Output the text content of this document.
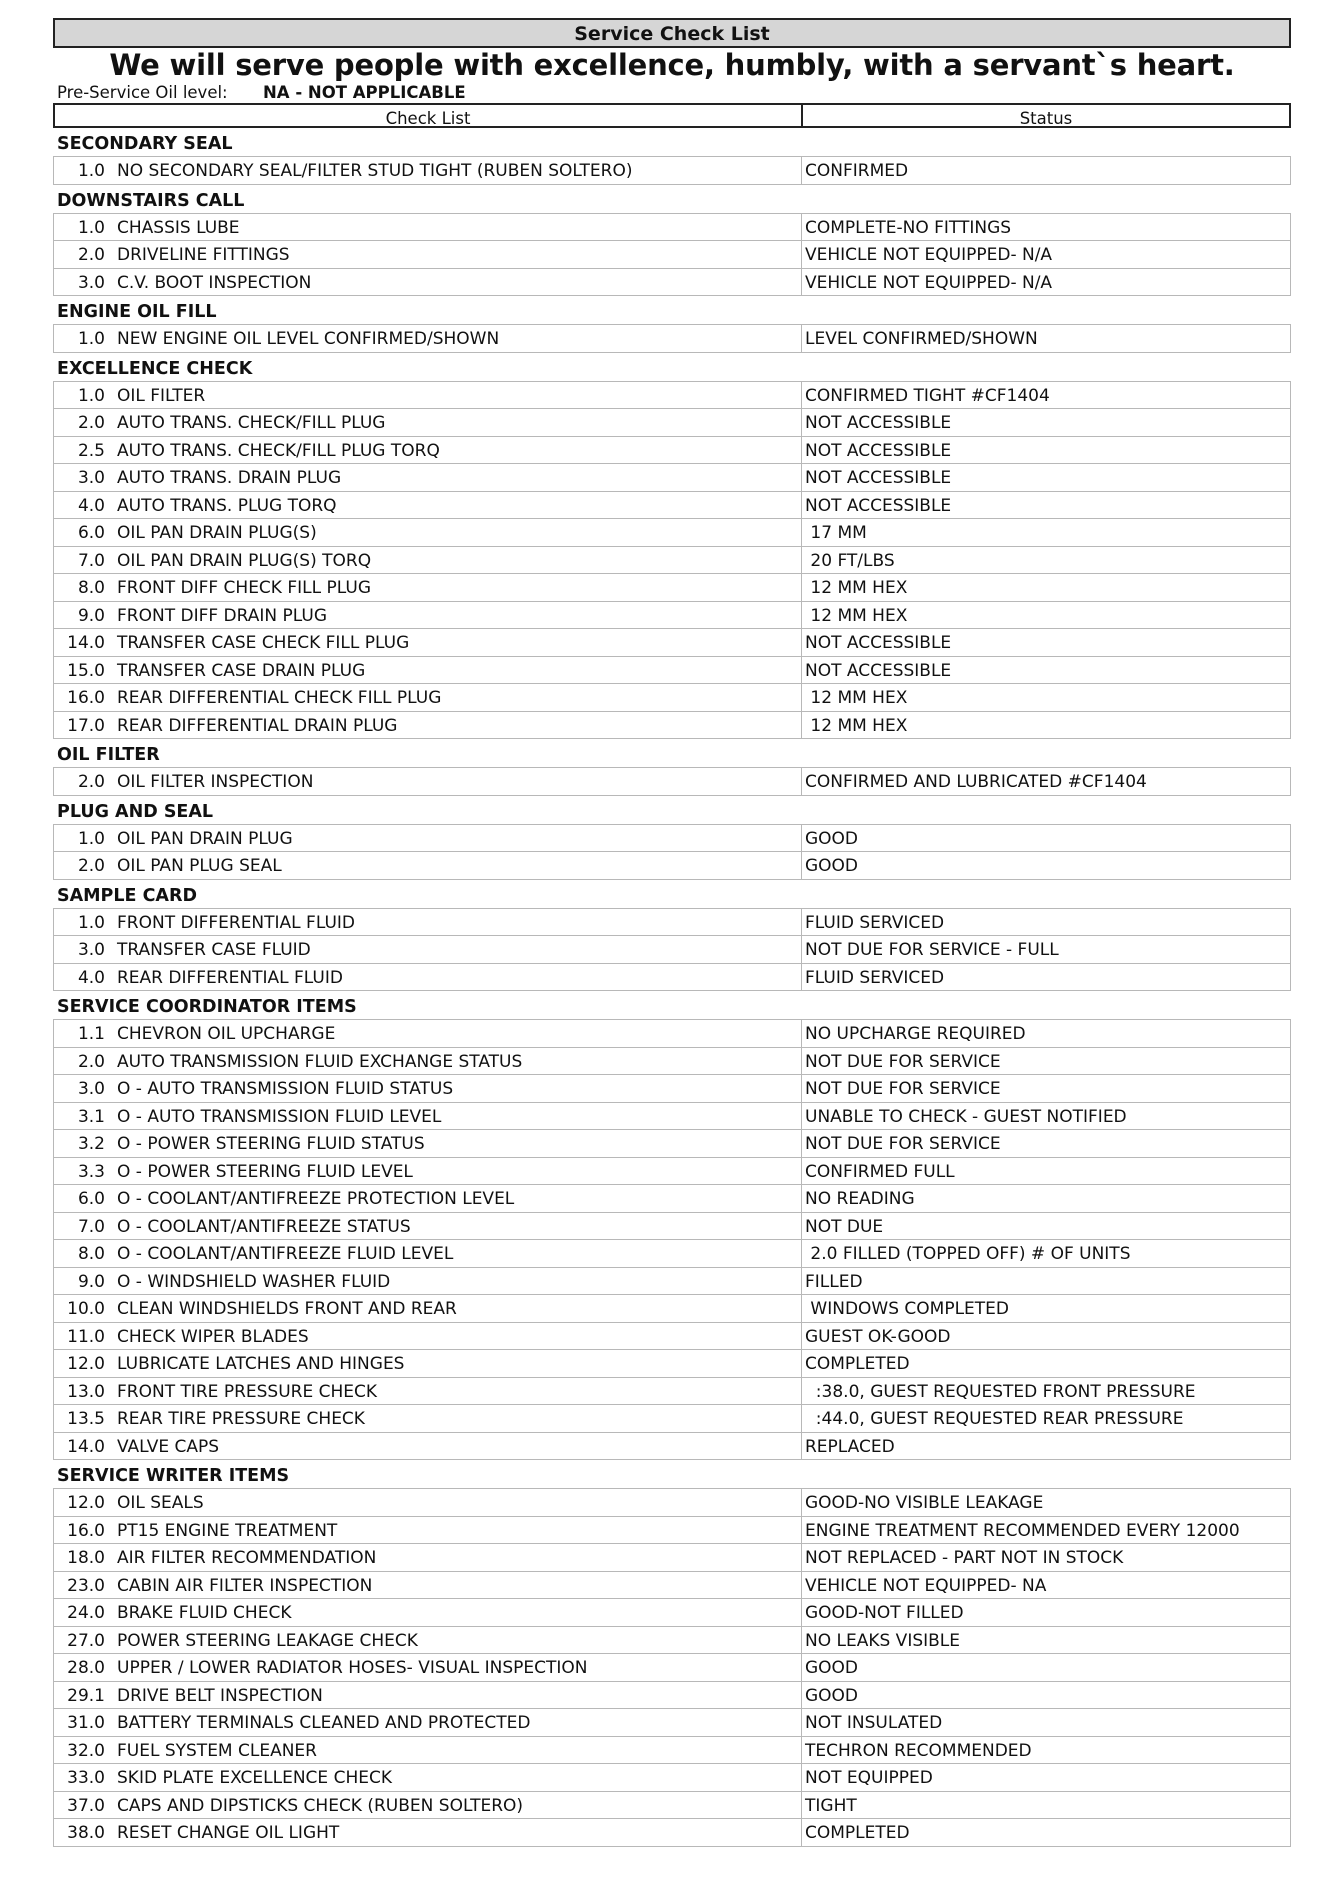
Service Check List
We will serve people with excellence, humbly, with a servant`s heart.
Pre-Service Oil level: NA - NOT APPLICABLE
Check List	Status
SECONDARY SEAL
1.0 NO SECONDARY SEAL/FILTER STUD TIGHT (RUBEN SOLTERO)	CONFIRMED
DOWNSTAIRS CALL
1.0 CHASSIS LUBE	COMPLETE-NO FITTINGS
2.0 DRIVELINE FITTINGS	VEHICLE NOT EQUIPPED- N/A
3.0 C.V. BOOT INSPECTION	VEHICLE NOT EQUIPPED- N/A
ENGINE OIL FILL
1.0 NEW ENGINE OIL LEVEL CONFIRMED/SHOWN	LEVEL CONFIRMED/SHOWN
EXCELLENCE CHECK
1.0 OIL FILTER	CONFIRMED TIGHT #CF1404
2.0 AUTO TRANS. CHECK/FILL PLUG	NOT ACCESSIBLE
2.5 AUTO TRANS. CHECK/FILL PLUG TORQ	NOT ACCESSIBLE
3.0 AUTO TRANS. DRAIN PLUG	NOT ACCESSIBLE
4.0 AUTO TRANS. PLUG TORQ	NOT ACCESSIBLE
6.0 OIL PAN DRAIN PLUG(S)	17 MM
7.0 OIL PAN DRAIN PLUG(S) TORQ	20 FT/LBS
8.0 FRONT DIFF CHECK FILL PLUG	12 MM HEX
9.0 FRONT DIFF DRAIN PLUG	12 MM HEX
14.0 TRANSFER CASE CHECK FILL PLUG	NOT ACCESSIBLE
15.0 TRANSFER CASE DRAIN PLUG	NOT ACCESSIBLE
16.0 REAR DIFFERENTIAL CHECK FILL PLUG	12 MM HEX
17.0 REAR DIFFERENTIAL DRAIN PLUG	12 MM HEX
OIL FILTER
2.0 OIL FILTER INSPECTION	CONFIRMED AND LUBRICATED #CF1404
PLUG AND SEAL
1.0 OIL PAN DRAIN PLUG	GOOD
2.0 OIL PAN PLUG SEAL	GOOD
SAMPLE CARD
1.0 FRONT DIFFERENTIAL FLUID	FLUID SERVICED
3.0 TRANSFER CASE FLUID	NOT DUE FOR SERVICE - FULL
4.0 REAR DIFFERENTIAL FLUID	FLUID SERVICED
SERVICE COORDINATOR ITEMS
1.1 CHEVRON OIL UPCHARGE	NO UPCHARGE REQUIRED
2.0 AUTO TRANSMISSION FLUID EXCHANGE STATUS	NOT DUE FOR SERVICE
3.0 O - AUTO TRANSMISSION FLUID STATUS	NOT DUE FOR SERVICE
3.1 O - AUTO TRANSMISSION FLUID LEVEL	UNABLE TO CHECK - GUEST NOTIFIED
3.2 O - POWER STEERING FLUID STATUS	NOT DUE FOR SERVICE
3.3 O - POWER STEERING FLUID LEVEL	CONFIRMED FULL
6.0 O - COOLANT/ANTIFREEZE PROTECTION LEVEL	NO READING
7.0 O - COOLANT/ANTIFREEZE STATUS	NOT DUE
8.0 O - COOLANT/ANTIFREEZE FLUID LEVEL	2.0 FILLED (TOPPED OFF) # OF UNITS
9.0 O - WINDSHIELD WASHER FLUID	FILLED
10.0 CLEAN WINDSHIELDS FRONT AND REAR	WINDOWS COMPLETED
11.0 CHECK WIPER BLADES	GUEST OK-GOOD
12.0 LUBRICATE LATCHES AND HINGES	COMPLETED
13.0 FRONT TIRE PRESSURE CHECK	:38.0, GUEST REQUESTED FRONT PRESSURE
13.5 REAR TIRE PRESSURE CHECK	:44.0, GUEST REQUESTED REAR PRESSURE
14.0 VALVE CAPS	REPLACED
SERVICE WRITER ITEMS
12.0 OIL SEALS	GOOD-NO VISIBLE LEAKAGE
16.0 PT15 ENGINE TREATMENT	ENGINE TREATMENT RECOMMENDED EVERY 12000
18.0 AIR FILTER RECOMMENDATION	NOT REPLACED - PART NOT IN STOCK
23.0 CABIN AIR FILTER INSPECTION	VEHICLE NOT EQUIPPED- NA
24.0 BRAKE FLUID CHECK	GOOD-NOT FILLED
27.0 POWER STEERING LEAKAGE CHECK	NO LEAKS VISIBLE
28.0 UPPER / LOWER RADIATOR HOSES- VISUAL INSPECTION	GOOD
29.1 DRIVE BELT INSPECTION	GOOD
31.0 BATTERY TERMINALS CLEANED AND PROTECTED	NOT INSULATED
32.0 FUEL SYSTEM CLEANER	TECHRON RECOMMENDED
33.0 SKID PLATE EXCELLENCE CHECK	NOT EQUIPPED
37.0 CAPS AND DIPSTICKS CHECK (RUBEN SOLTERO)	TIGHT
38.0 RESET CHANGE OIL LIGHT	COMPLETED
